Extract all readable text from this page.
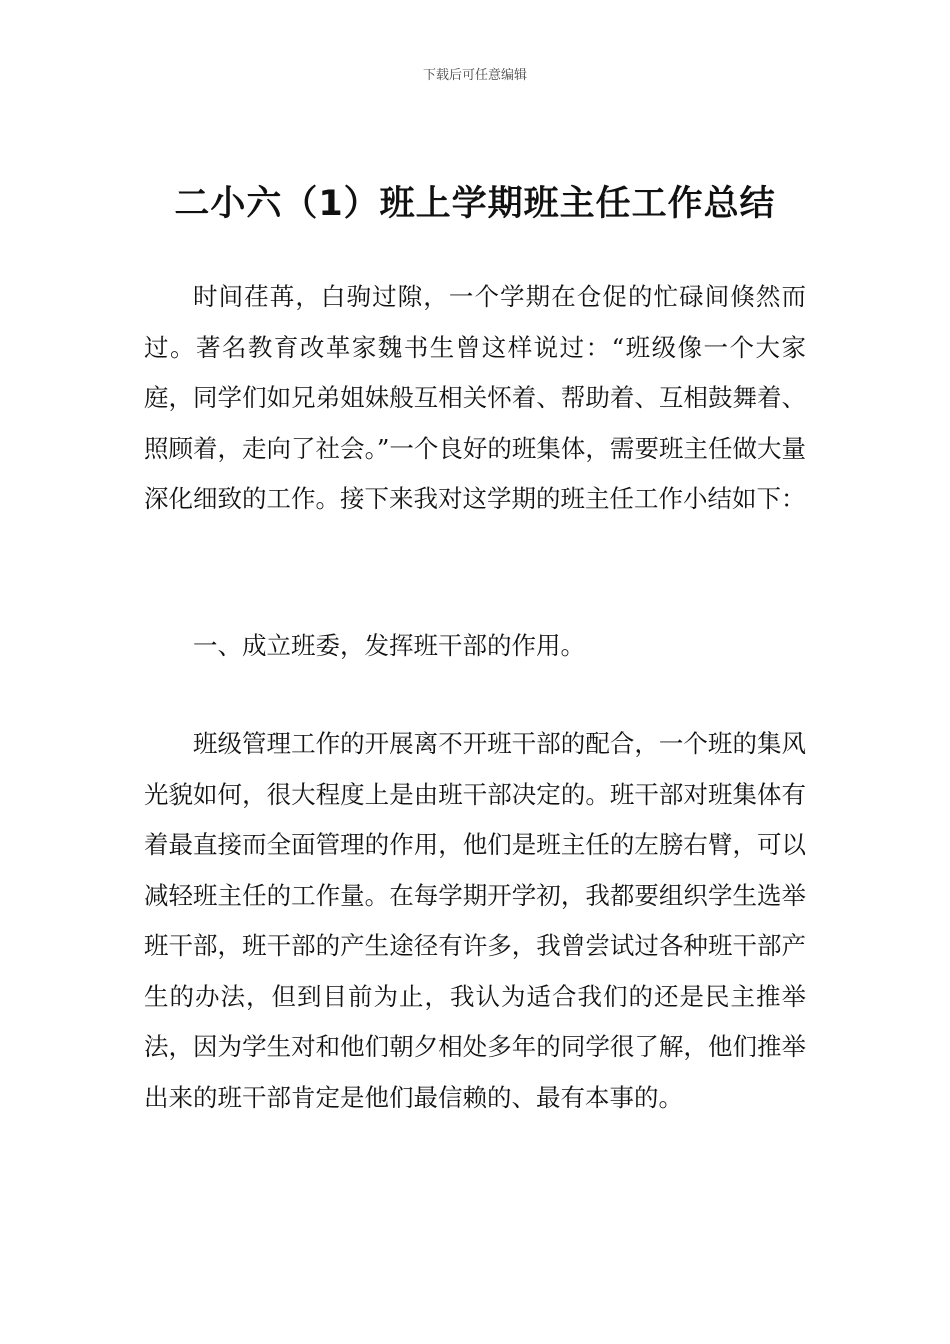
下载后可任意编辑
二小六（1）班上学期班主任工作总结

时间荏苒，白驹过隙，一个学期在仓促的忙碌间倏然而过。著名教育改革家魏书生曾这样说过：“班级像一个大家庭，同学们如兄弟姐妹般互相关怀着、帮助着、互相鼓舞着、照顾着，走向了社会。”一个良好的班集体，需要班主任做大量深化细致的工作。接下来我对这学期的班主任工作小结如下：

一、成立班委，发挥班干部的作用。

班级管理工作的开展离不开班干部的配合，一个班的集风光貌如何，很大程度上是由班干部决定的。班干部对班集体有着最直接而全面管理的作用，他们是班主任的左膀右臂，可以减轻班主任的工作量。在每学期开学初，我都要组织学生选举班干部，班干部的产生途径有许多，我曾尝试过各种班干部产生的办法，但到目前为止，我认为适合我们的还是民主推举法，因为学生对和他们朝夕相处多年的同学很了解，他们推举出来的班干部肯定是他们最信赖的、最有本事的。
